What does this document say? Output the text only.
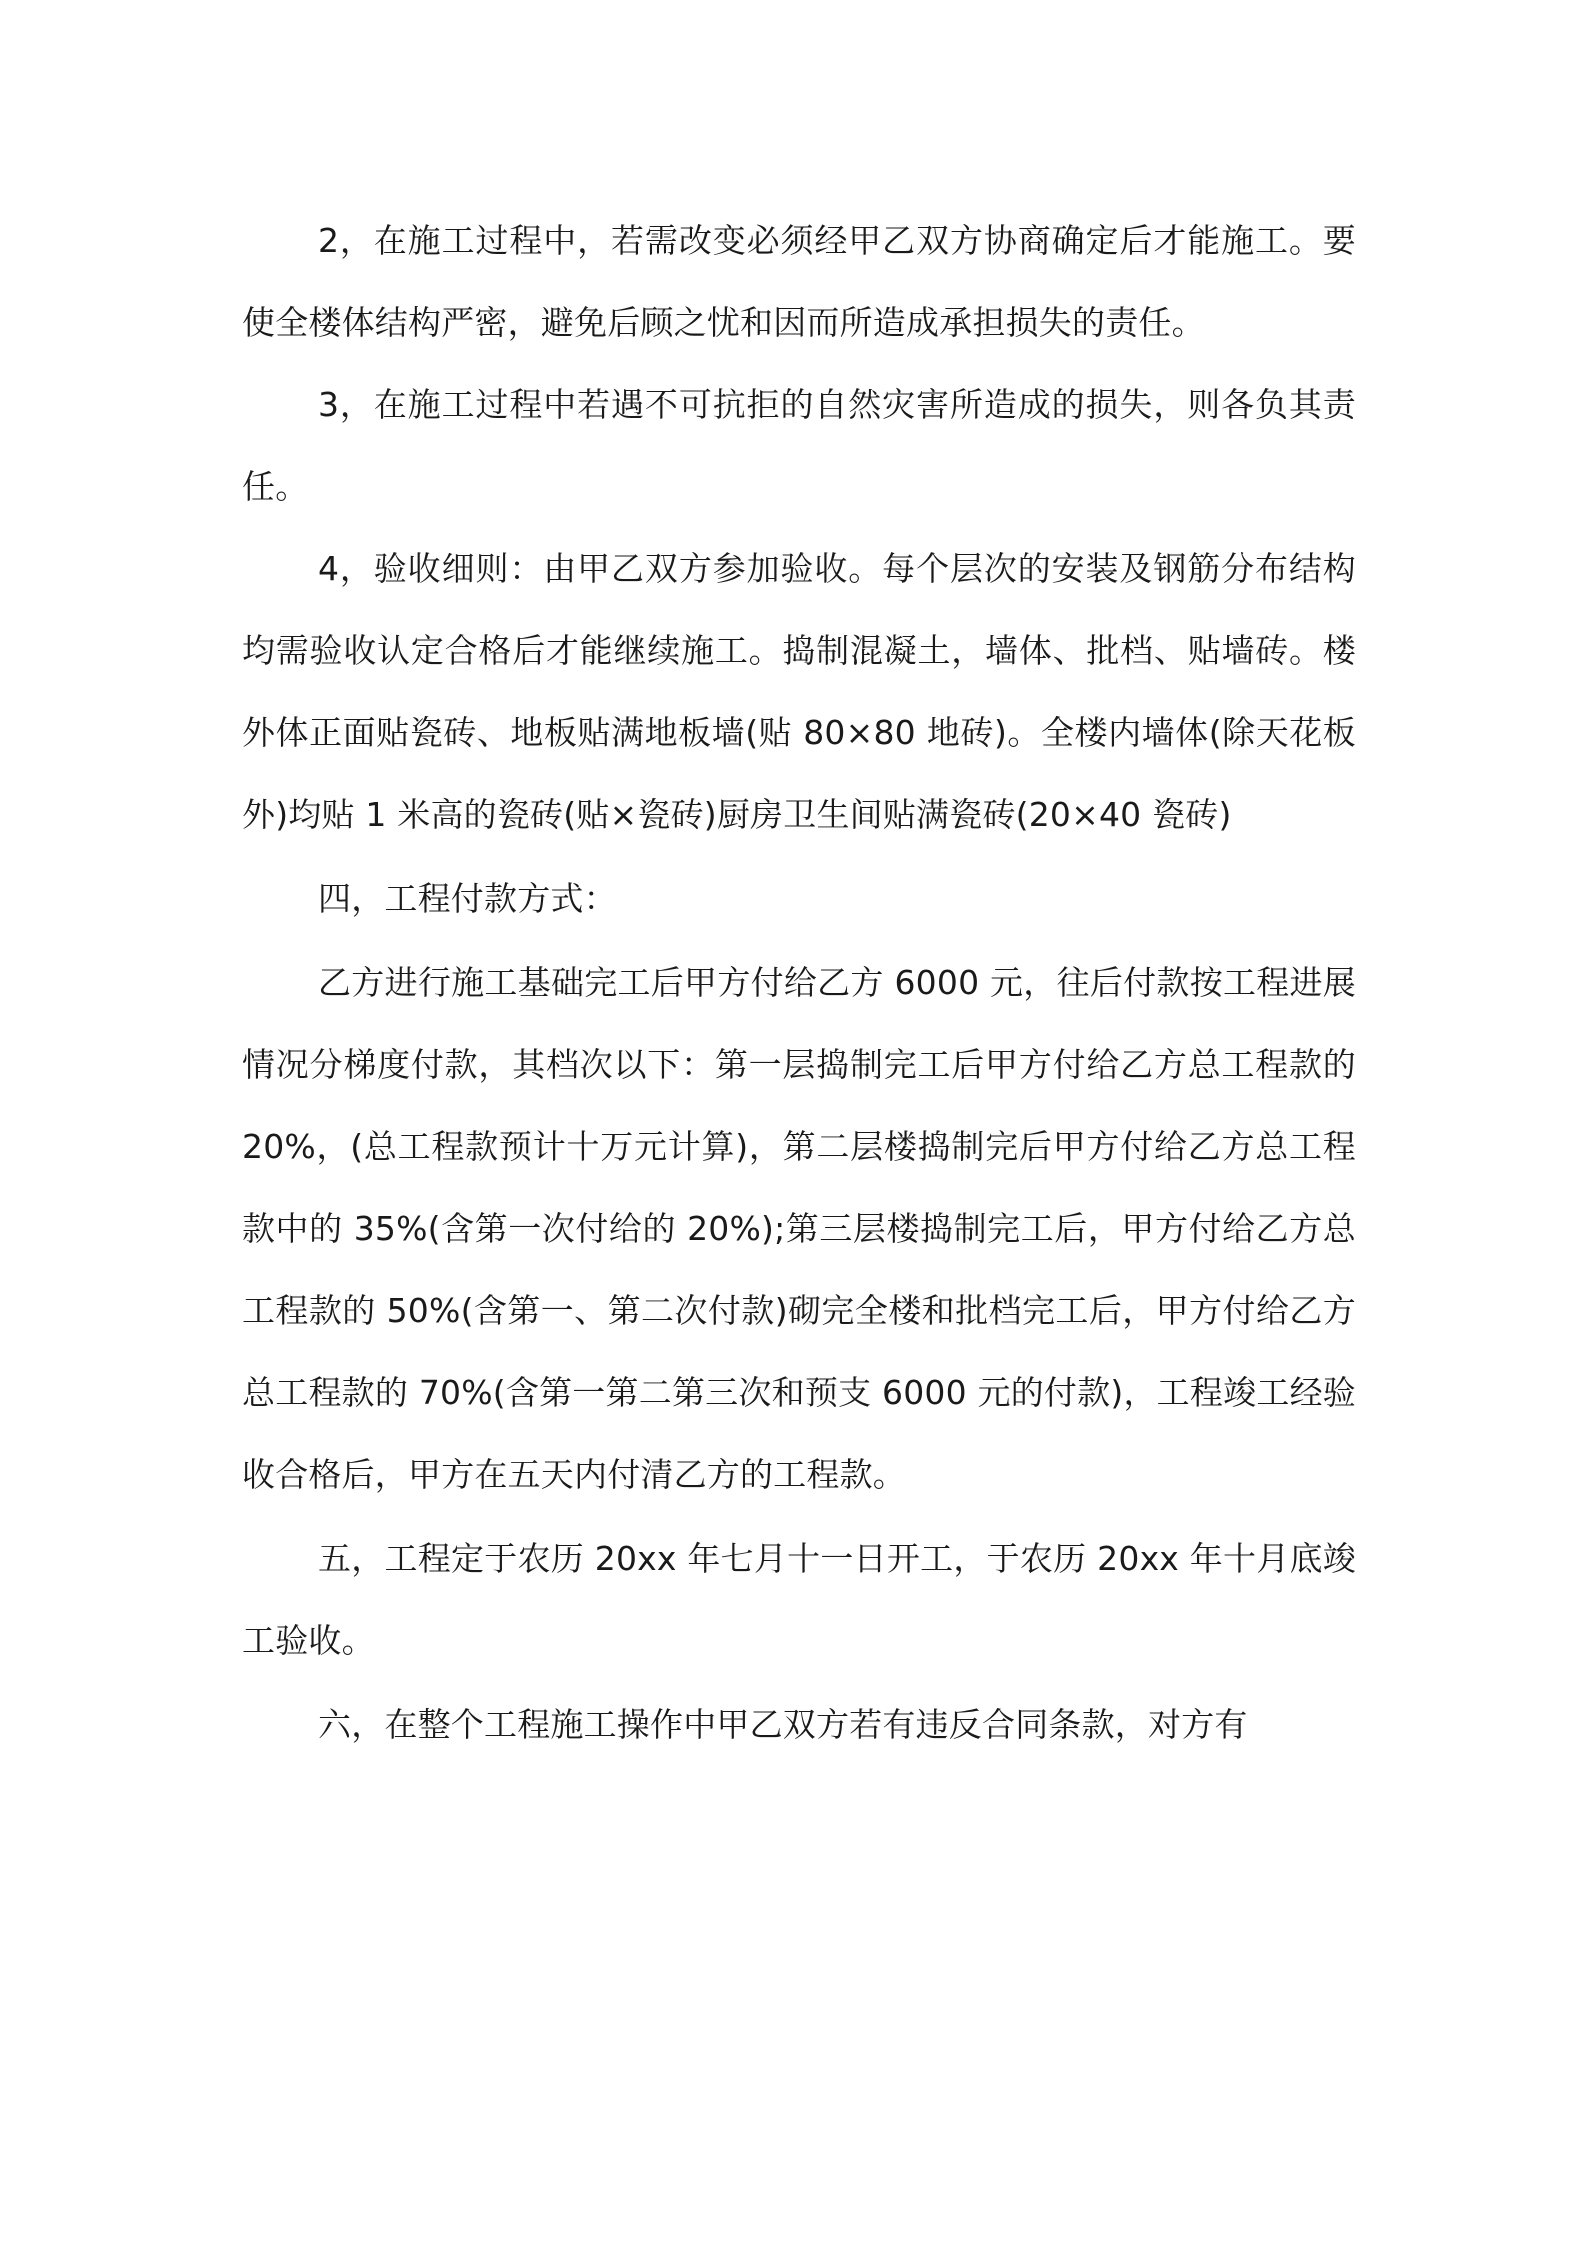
2，在施工过程中，若需改变必须经甲乙双方协商确定后才能施工。要使全楼体结构严密，避免后顾之忧和因而所造成承担损失的责任。

3，在施工过程中若遇不可抗拒的自然灾害所造成的损失，则各负其责任。

4，验收细则：由甲乙双方参加验收。每个层次的安装及钢筋分布结构均需验收认定合格后才能继续施工。捣制混凝土，墙体、批档、贴墙砖。楼外体正面贴瓷砖、地板贴满地板墙(贴 80×80 地砖)。全楼内墙体(除天花板外)均贴 1 米高的瓷砖(贴×瓷砖)厨房卫生间贴满瓷砖(20×40 瓷砖)

四，工程付款方式：

乙方进行施工基础完工后甲方付给乙方 6000 元，往后付款按工程进展情况分梯度付款，其档次以下：第一层捣制完工后甲方付给乙方总工程款的 20%，(总工程款预计十万元计算)，第二层楼捣制完后甲方付给乙方总工程款中的 35%(含第一次付给的 20%);第三层楼捣制完工后，甲方付给乙方总工程款的 50%(含第一、第二次付款)砌完全楼和批档完工后，甲方付给乙方总工程款的 70%(含第一第二第三次和预支 6000 元的付款)，工程竣工经验收合格后，甲方在五天内付清乙方的工程款。

五，工程定于农历 20xx 年七月十一日开工，于农历 20xx 年十月底竣工验收。

六，在整个工程施工操作中甲乙双方若有违反合同条款，对方有
